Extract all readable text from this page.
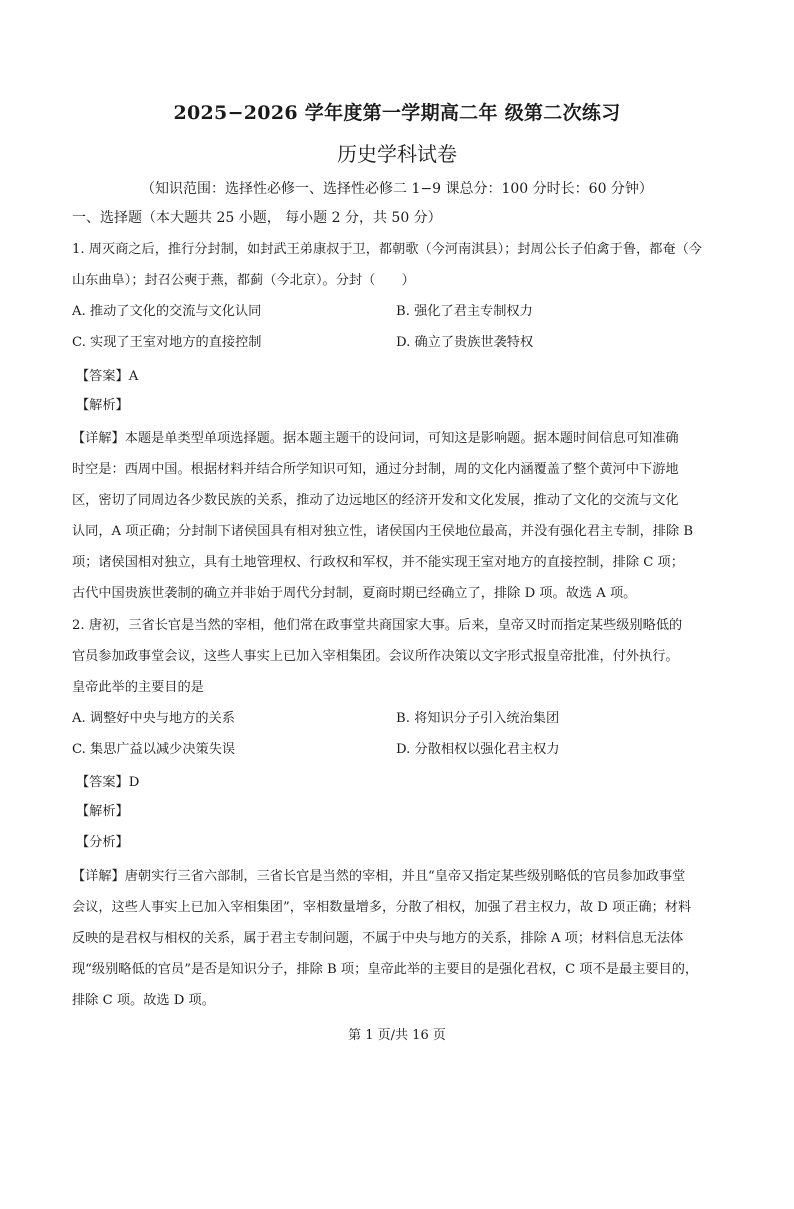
2025−2026 学年度第一学期高二年 级第二次练习
历史学科试卷
（知识范围：选择性必修一、选择性必修二 1−9 课总分：100 分时长：60 分钟）
一、选择题（本大题共 25 小题， 每小题 2 分，共 50 分）
1. 周灭商之后，推行分封制，如封武王弟康叔于卫，都朝歌（今河南淇县）；封周公长子伯禽于鲁，都奄（今
山东曲阜）；封召公奭于燕，都蓟（今北京）。分封（　　）
A. 推动了文化的交流与文化认同	B. 强化了君主专制权力
C. 实现了王室对地方的直接控制	D. 确立了贵族世袭特权
【答案】A
【解析】
【详解】本题是单类型单项选择题。据本题主题干的设问词，可知这是影响题。据本题时间信息可知准确
时空是：西周中国。根据材料并结合所学知识可知，通过分封制，周的文化内涵覆盖了整个黄河中下游地
区，密切了同周边各少数民族的关系，推动了边远地区的经济开发和文化发展，推动了文化的交流与文化
认同，A 项正确；分封制下诸侯国具有相对独立性，诸侯国内王侯地位最高，并没有强化君主专制，排除 B
项；诸侯国相对独立，具有土地管理权、行政权和军权，并不能实现王室对地方的直接控制，排除 C 项；
古代中国贵族世袭制的确立并非始于周代分封制，夏商时期已经确立了，排除 D 项。故选 A 项。
2. 唐初，三省长官是当然的宰相，他们常在政事堂共商国家大事。后来，皇帝又时而指定某些级别略低的
官员参加政事堂会议，这些人事实上已加入宰相集团。会议所作决策以文字形式报皇帝批准，付外执行。
皇帝此举的主要目的是
A. 调整好中央与地方的关系	B. 将知识分子引入统治集团
C. 集思广益以减少决策失误	D. 分散相权以强化君主权力
【答案】D
【解析】
【分析】
【详解】唐朝实行三省六部制，三省长官是当然的宰相，并且“皇帝又指定某些级别略低的官员参加政事堂
会议，这些人事实上已加入宰相集团”，宰相数量增多，分散了相权，加强了君主权力，故 D 项正确；材料
反映的是君权与相权的关系，属于君主专制问题，不属于中央与地方的关系，排除 A 项；材料信息无法体
现“级别略低的官员”是否是知识分子，排除 B 项；皇帝此举的主要目的是强化君权，C 项不是最主要目的，
排除 C 项。故选 D 项。
第 1 页/共 16 页
